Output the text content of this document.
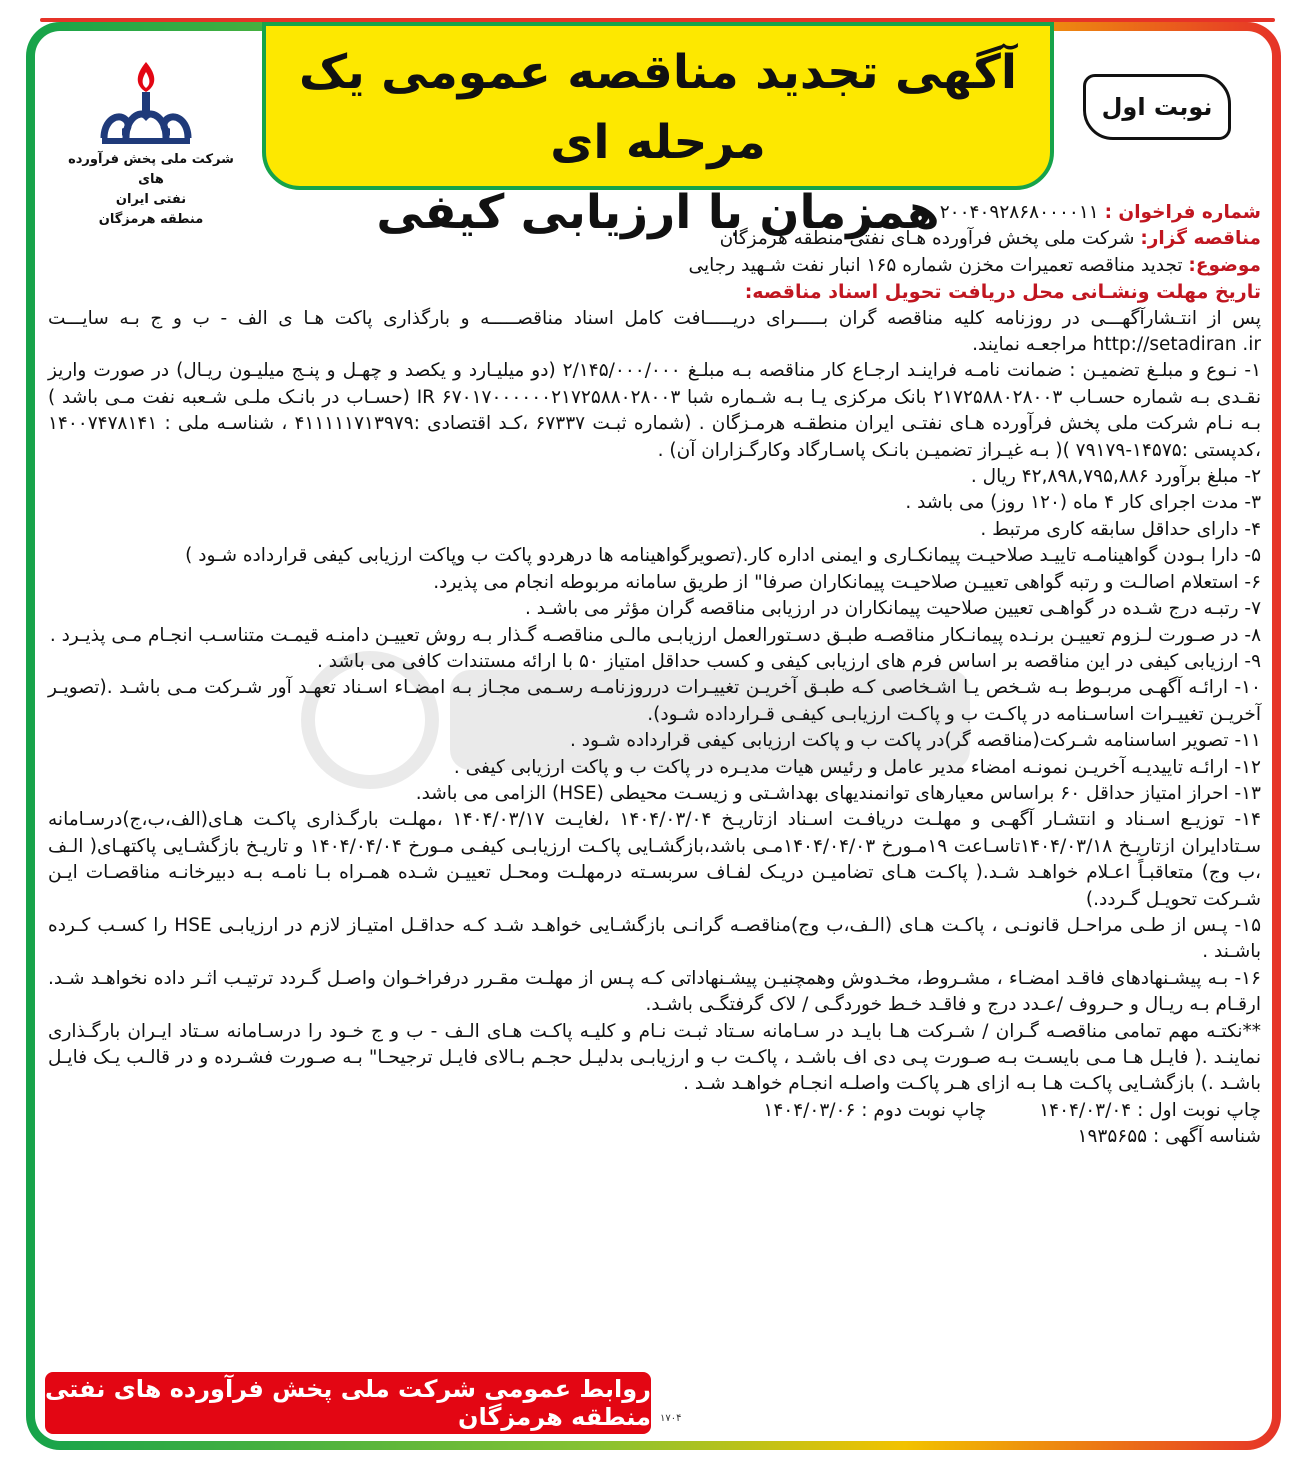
آگهی تجدید مناقصه عمومی یک مرحله ای
همزمان با ارزیابی کیفی
شرکت ملی پخش فرآورده های
نفتی ایران
منطقه هرمزگان
نوبت اول

شماره فراخوان : ۲۰۰۴۰۹۲۸۶۸۰۰۰۰۱۱

مناقصه گزار: شرکت ملی پخش فرآورده هـای نفتی منطقه هرمزگان

موضوع: تجدید مناقصه تعمیرات مخزن شماره ۱۶۵ انبار نفت شـهید رجایی

تاریخ مهلت ونشـانی محل دریافت تحویل اسناد مناقصه:

پس از انتـشارآگهـــی در روزنامه کلیه مناقصه گران بـــــرای دریـــــافت کامل اسناد مناقصـــــه و بارگذاری پاکت هـا ی الف - ب و ج بـه سایـــت http://setadiran .ir مراجعـه نمایند.

۱- نـوع و مبلـغ تضمیـن : ضمانت نامـه فراینـد ارجـاع کار مناقصه بـه مبلـغ ۲/۱۴۵/۰۰۰/۰۰۰ (دو میلیـارد و یکصد و چهـل و پنـج میلیـون ریـال) در صورت واریز نقـدی بـه شماره حسـاب ۲۱۷۲۵۸۸۰۲۸۰۰۳ بانک مرکزی یـا بـه شـماره شبا IR ۶۷۰۱۷۰۰۰۰۰۰۲۱۷۲۵۸۸۰۲۸۰۰۳ (حسـاب در بانـک ملـی شـعبه نفت مـی باشد ) بـه نـام شرکت ملی پخش فرآورده هـای نفتـی ایران منطقـه هرمـزگان . (شماره ثبـت ۶۷۳۳۷ ،کـد اقتصادی :۴۱۱۱۱۱۷۱۳۹۷۹ ، شناسـه ملی : ۱۴۰۰۷۴۷۸۱۴۱ ،کدپستی :۱۴۵۷۵-۷۹۱۷۹ )( بـه غیـراز تضمیـن بانـک پاسـارگاد وکارگـزاران آن) .

۲- مبلغ برآورد ۴۲,۸۹۸,۷۹۵,۸۸۶ ریال .

۳- مدت اجرای کار ۴ ماه (۱۲۰ روز) می باشد .

۴- دارای حداقل سابقه کاری مرتبط .

۵- دارا بـودن گواهینامـه تاییـد صلاحیـت پیمانکـاری و ایمنی اداره کار.(تصویرگواهینامه ها درهردو پاکت ب وپاکت ارزیابی کیفی قرارداده شـود )

۶- استعلام اصالـت و رتبه گواهی تعییـن صلاحیـت پیمانکاران صرفا" از طریق سامانه مربوطه انجام می پذیرد.

۷- رتبـه درج شـده در گواهـی تعیین صلاحیت پیمانکاران در ارزیابی مناقصه گران مؤثر می باشـد .

۸- در صـورت لـزوم تعییـن برنـده پیمانـکار مناقصـه طبـق دسـتورالعمل ارزیابـی مالـی مناقصـه گـذار بـه روش تعییـن دامنـه قیمـت متناسـب انجـام مـی پذیـرد .

۹- ارزیابی کیفی در این مناقصه بر اساس فرم های ارزیابی کیفی و کسب حداقل امتیاز ۵۰ با ارائه مستندات کافی می باشد .

۱۰- ارائـه آگهـی مربـوط بـه شـخص یـا اشـخاصی کـه طبـق آخریـن تغییـرات درروزنامـه رسـمی مجـاز بـه امضـاء اسـناد تعهـد آور شـرکت مـی باشـد .(تصویـر آخریـن تغییـرات اساسـنامه در پاکـت ب و پاکـت ارزیابـی کیفـی قـرارداده شـود).

۱۱- تصویر اساسنامه شـرکت(مناقصه گر)در پاکت ب و پاکت ارزیابی کیفی قرارداده شـود .

۱۲- ارائـه تاییدیـه آخریـن نمونـه امضاء مدیر عامل و رئیس هیات مدیـره در پاکت ب و پاکت ارزیابی کیفی .

۱۳- احراز امتیاز حداقل ۶۰ براساس معیارهای توانمندیهای بهداشـتی و زیسـت محیطی (HSE) الزامی می باشد.

۱۴- توزیـع اسـناد و انتشـار آگهـی و مهلـت دریافـت اسـناد ازتاریـخ ۱۴۰۴/۰۳/۰۴ ،لغایـت ۱۴۰۴/۰۳/۱۷ ،مهلـت بارگـذاری پاکـت هـای(الف،ب،ج)درسـامانه سـتادایران ازتاریـخ ۱۴۰۴/۰۳/۱۸تاسـاعت ۱۹مـورخ ۱۴۰۴/۰۴/۰۳مـی باشد،بازگشـایی پاکـت ارزیابـی کیفـی مـورخ ۱۴۰۴/۰۴/۰۴ و تاریـخ بازگشـایی پاکتهـای( الـف ،ب وج) متعاقبـاً اعـلام خواهـد شـد.( پاکـت هـای تضامیـن دریـک لفـاف سربسـته درمهلـت ومحـل تعییـن شـده همـراه بـا نامـه بـه دبیرخانـه مناقصـات ایـن شـرکت تحویـل گـردد.)

۱۵- پـس از طـی مراحـل قانونـی ، پاکـت هـای (الـف،ب وج)مناقصـه گرانـی بازگشـایی خواهـد شـد کـه حداقـل امتیـاز لازم در ارزیابـی HSE را کسـب کـرده باشـند .

۱۶- بـه پیشـنهادهای فاقـد امضـاء ، مشـروط، مخـدوش وهمچنیـن پیشـنهاداتی کـه پـس از مهلـت مقـرر درفراخـوان واصـل گـردد ترتیـب اثـر داده نخواهـد شـد. ارقـام بـه ریـال و حـروف /عـدد درج و فاقـد خـط خوردگـی / لاک گرفتگـی باشـد.

**نکتـه مهم تمامی مناقصـه گـران / شـرکت هـا بایـد در سـامانه سـتاد ثبـت نـام و کلیـه پاکـت هـای الـف - ب و ج خـود را درسـامانه سـتاد ایـران بارگـذاری نماینـد .( فایـل هـا مـی بایسـت بـه صـورت پـی دی اف باشـد ، پاکـت ب و ارزیابـی بدلیـل حجـم بـالای فایـل ترجیحـا" بـه صـورت فشـرده و در قالـب یـک فایـل باشـد .) بازگشـایی پاکـت هـا بـه ازای هـر پاکـت واصلـه انجـام خواهـد شـد .

چاپ نوبت اول : ۱۴۰۴/۰۳/۰۴         چاپ نوبت دوم : ۱۴۰۴/۰۳/۰۶

شناسه آگهی : ۱۹۳۵۶۵۵

روابط عمومی شرکت ملی پخش فرآورده های نفتی منطقه هرمزگان ۱۷۰۴
